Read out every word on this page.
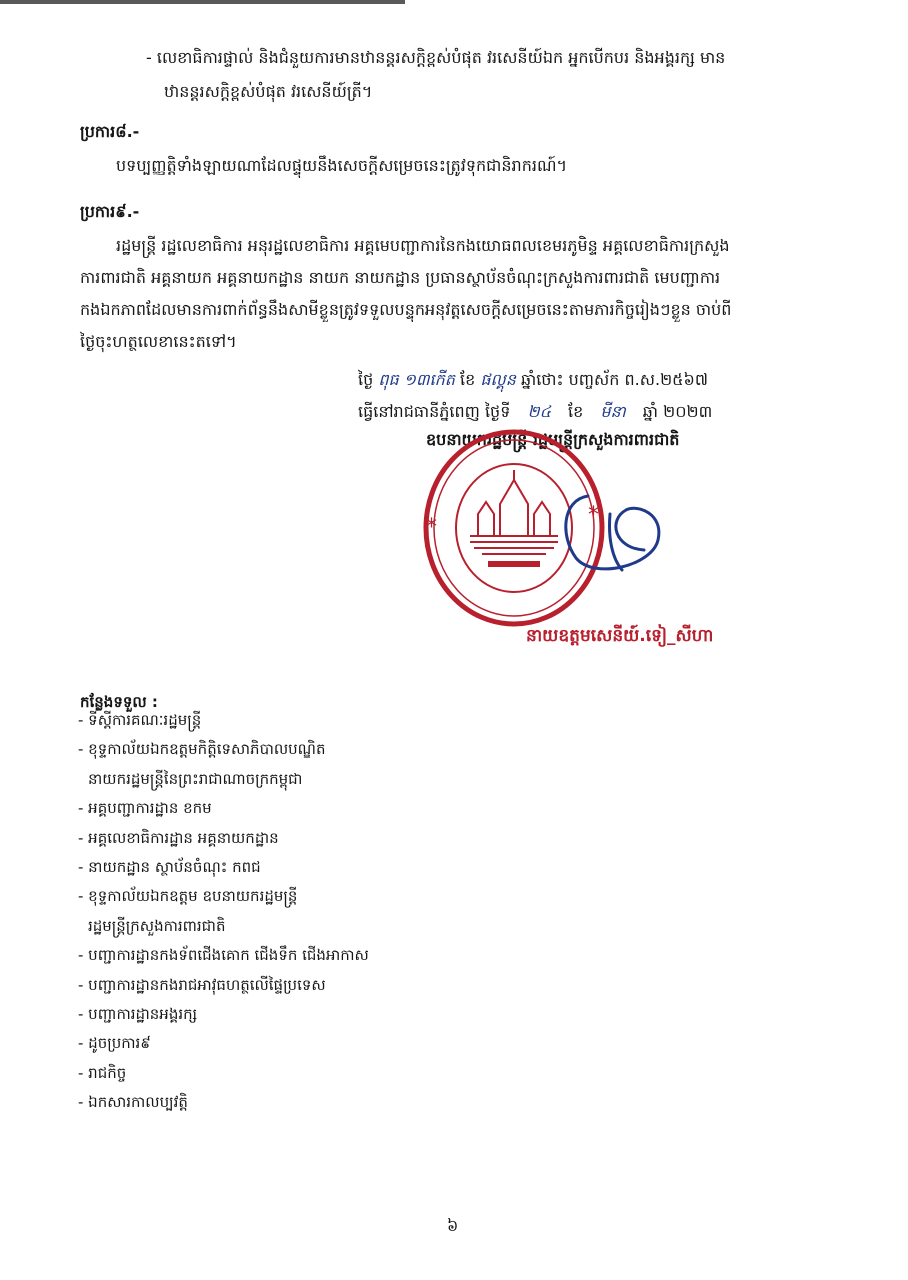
- លេខាធិការផ្ទាល់ និងជំនួយការមានឋានន្តរសក្តិខ្ពស់បំផុត វរសេនីយ៍ឯក អ្នកបើកបរ និងអង្គរក្ស មាន
ឋានន្តរសក្តិខ្ពស់បំផុត វរសេនីយ៍ត្រី។
ប្រការ៨.-
បទប្បញ្ញត្តិទាំងឡាយណាដែលផ្ទុយនឹងសេចក្តីសម្រេចនេះត្រូវទុកជានិរាករណ៍។
ប្រការ៩.-
រដ្ឋមន្ត្រី រដ្ឋលេខាធិការ អនុរដ្ឋលេខាធិការ អគ្គមេបញ្ជាការនៃកងយោធពលខេមរភូមិន្ទ អគ្គលេខាធិការក្រសួង
ការពារជាតិ អគ្គនាយក អគ្គនាយកដ្ឋាន នាយក នាយកដ្ឋាន ប្រធានស្ថាប័នចំណុះក្រសួងការពារជាតិ មេបញ្ជាការ
កងឯកភាពដែលមានការពាក់ព័ន្ធនឹងសាមីខ្លួនត្រូវទទួលបន្ទុកអនុវត្តសេចក្តីសម្រេចនេះតាមភារកិច្ចរៀងៗខ្លួន ចាប់ពី
ថ្ងៃចុះហត្ថលេខានេះតទៅ។
ថ្ងៃ ពុធ ១៣កើត ខែ ផល្គុន ឆ្នាំថោះ បញ្ចស័ក ព.ស.២៥៦៧
ធ្វើនៅរាជធានីភ្នំពេញ ថ្ងៃទី ២៤ ខែ មីនា ឆ្នាំ ២០២៣
ឧបនាយករដ្ឋមន្ត្រី រដ្ឋមន្ត្រីក្រសួងការពារជាតិ
*	*
នាយឧត្តមសេនីយ៍.ទៀ_សីហា
កន្លែងទទួល :
- ទីស្តីការគណៈរដ្ឋមន្ត្រី
- ខុទ្ទកាល័យឯកឧត្តមកិត្តិទេសាភិបាលបណ្ឌិត
នាយករដ្ឋមន្ត្រីនៃព្រះរាជាណាចក្រកម្ពុជា
- អគ្គបញ្ជាការដ្ឋាន ខកម
- អគ្គលេខាធិការដ្ឋាន អគ្គនាយកដ្ឋាន
- នាយកដ្ឋាន ស្ថាប័នចំណុះ កពជ
- ខុទ្ទកាល័យឯកឧត្តម ឧបនាយករដ្ឋមន្ត្រី
រដ្ឋមន្ត្រីក្រសួងការពារជាតិ
- បញ្ជាការដ្ឋានកងទ័ពជើងគោក ជើងទឹក ជើងអាកាស
- បញ្ជាការដ្ឋានកងរាជអាវុធហត្ថលើផ្ទៃប្រទេស
- បញ្ជាការដ្ឋានអង្គរក្ស
- ដូចប្រការ៩
- រាជកិច្ច
- ឯកសារកាលប្បវត្តិ
៦
